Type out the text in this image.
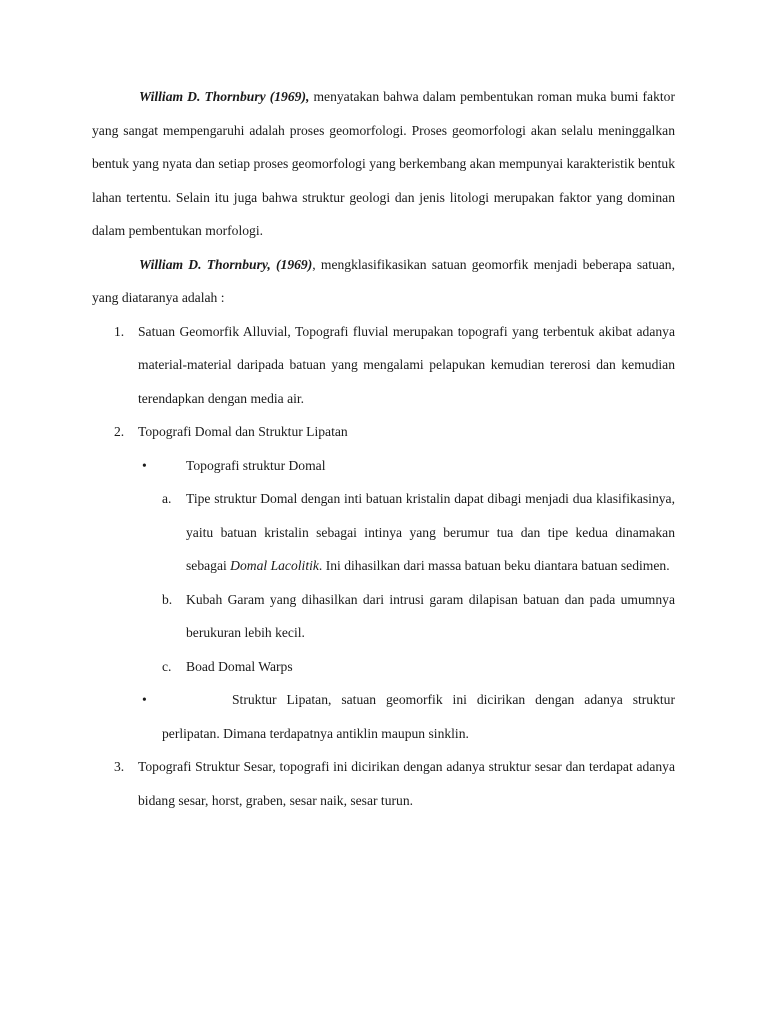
William D. Thornbury (1969), menyatakan bahwa dalam pembentukan roman muka bumi faktor yang sangat mempengaruhi adalah proses geomorfologi. Proses geomorfologi akan selalu meninggalkan bentuk yang nyata dan setiap proses geomorfologi yang berkembang akan mempunyai karakteristik bentuk lahan tertentu. Selain itu juga bahwa struktur geologi dan jenis litologi merupakan faktor yang dominan dalam pembentukan morfologi.

William D. Thornbury, (1969), mengklasifikasikan satuan geomorfik menjadi beberapa satuan, yang diataranya adalah :

1. Satuan Geomorfik Alluvial, Topografi fluvial merupakan topografi yang terbentuk akibat adanya material-material daripada batuan yang mengalami pelapukan kemudian tererosi dan kemudian terendapkan dengan media air.
2. Topografi Domal dan Struktur Lipatan
•	Topografi struktur Domal
a. Tipe struktur Domal dengan inti batuan kristalin dapat dibagi menjadi dua klasifikasinya, yaitu batuan kristalin sebagai intinya yang berumur tua dan tipe kedua dinamakan sebagai Domal Lacolitik. Ini dihasilkan dari massa batuan beku diantara batuan sedimen.
b. Kubah Garam yang dihasilkan dari intrusi garam dilapisan batuan dan pada umumnya berukuran lebih kecil.
c. Boad Domal Warps
•	Struktur Lipatan, satuan geomorfik ini dicirikan dengan adanya struktur perlipatan. Dimana terdapatnya antiklin maupun sinklin.
3. Topografi Struktur Sesar, topografi ini dicirikan dengan adanya struktur sesar dan terdapat adanya bidang sesar, horst, graben, sesar naik, sesar turun.
